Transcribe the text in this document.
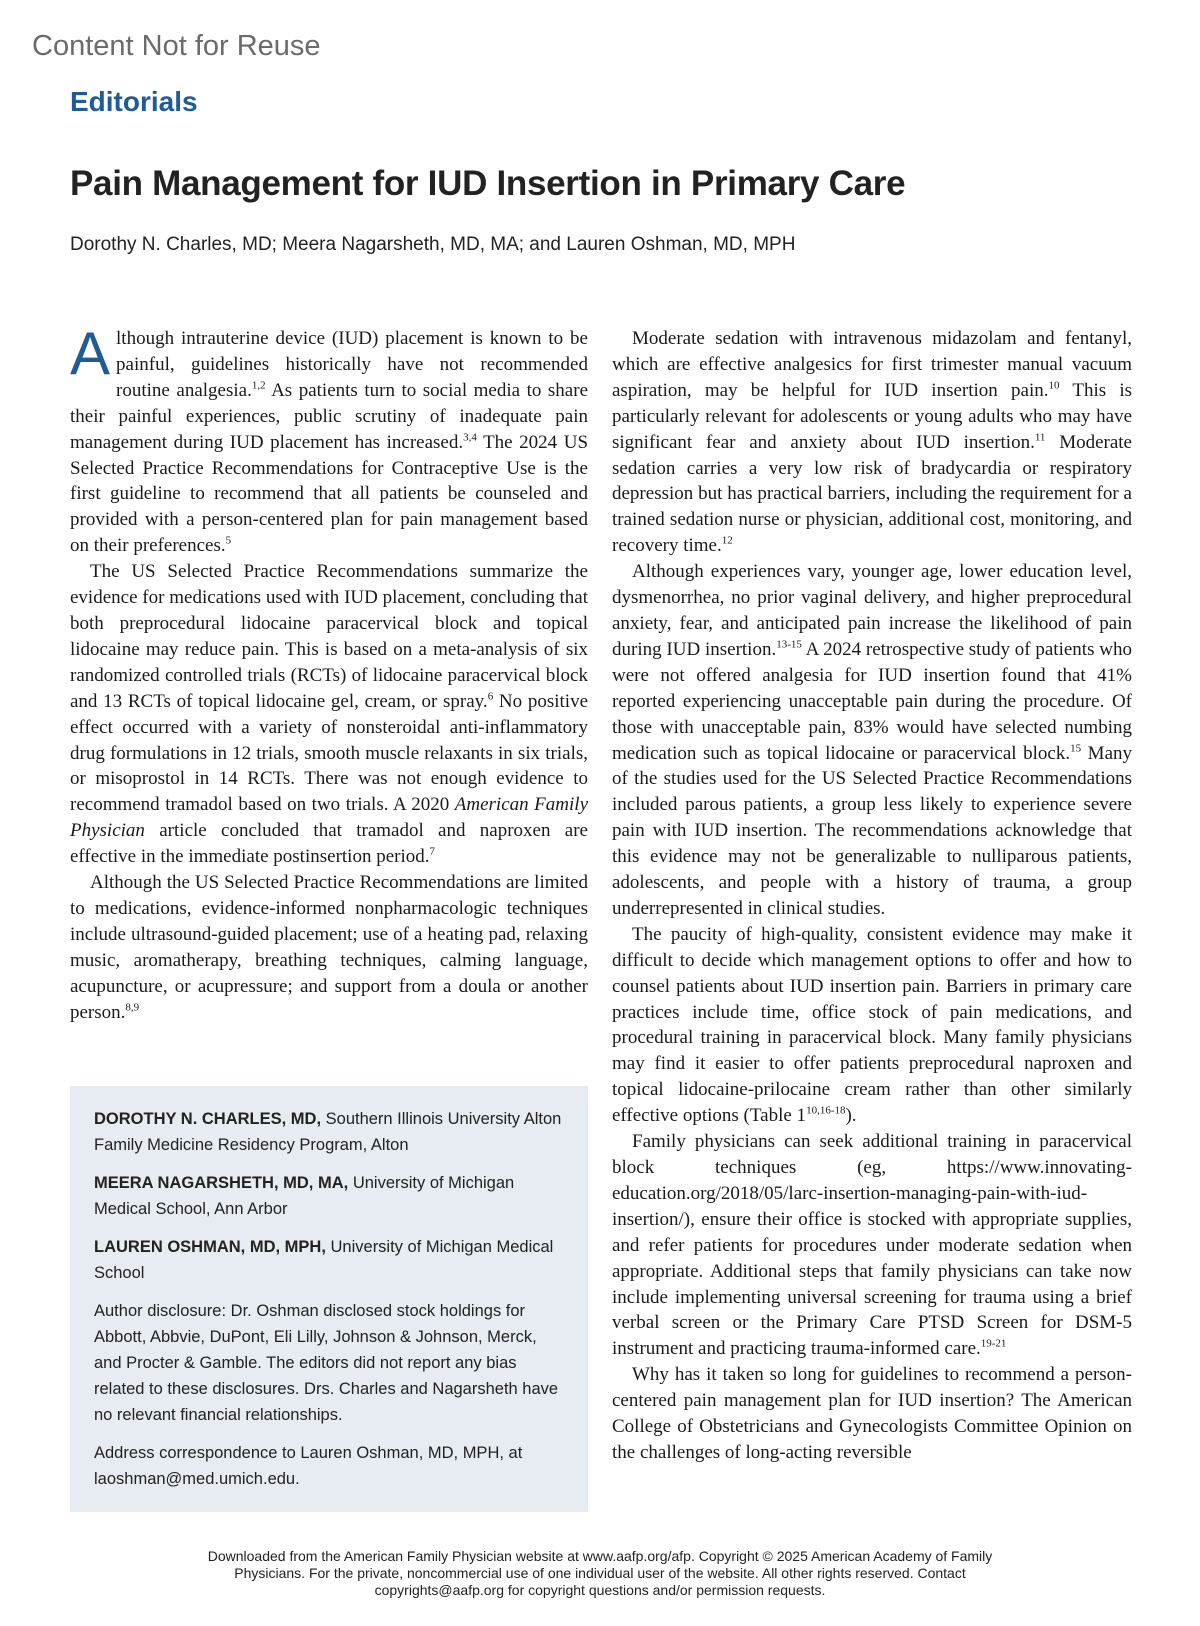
Content Not for Reuse
Editorials
Pain Management for IUD Insertion in Primary Care
Dorothy N. Charles, MD; Meera Nagarsheth, MD, MA; and Lauren Oshman, MD, MPH

Although intrauterine device (IUD) placement is known to be painful, guidelines historically have not recommended routine analgesia.$^{1,2}$ As patients turn to social media to share their painful experiences, public scrutiny of inadequate pain management during IUD placement has increased.$^{3,4}$ The 2024 US Selected Practice Recommendations for Contraceptive Use is the first guideline to recommend that all patients be counseled and provided with a person-centered plan for pain management based on their preferences.$^5$

The US Selected Practice Recommendations summarize the evidence for medications used with IUD placement, concluding that both preprocedural lidocaine paracervical block and topical lidocaine may reduce pain. This is based on a meta-analysis of six randomized controlled trials (RCTs) of lidocaine paracervical block and 13 RCTs of topical lidocaine gel, cream, or spray.$^6$ No positive effect occurred with a variety of nonsteroidal anti-inflammatory drug formulations in 12 trials, smooth muscle relaxants in six trials, or misoprostol in 14 RCTs. There was not enough evidence to recommend tramadol based on two trials. A 2020 American Family Physician article concluded that tramadol and naproxen are effective in the immediate postinsertion period.$^7$

Although the US Selected Practice Recommendations are limited to medications, evidence-informed nonpharmacologic techniques include ultrasound-guided placement; use of a heating pad, relaxing music, aromatherapy, breathing techniques, calming language, acupuncture, or acupressure; and support from a doula or another person.$^{8,9}$

DOROTHY N. CHARLES, MD, Southern Illinois University Alton Family Medicine Residency Program, Alton

MEERA NAGARSHETH, MD, MA, University of Michigan Medical School, Ann Arbor

LAUREN OSHMAN, MD, MPH, University of Michigan Medical School

Author disclosure: Dr. Oshman disclosed stock holdings for Abbott, Abbvie, DuPont, Eli Lilly, Johnson & Johnson, Merck, and Procter & Gamble. The editors did not report any bias related to these disclosures. Drs. Charles and Nagarsheth have no relevant financial relationships.

Address correspondence to Lauren Oshman, MD, MPH, at laoshman@med.umich.edu.

Moderate sedation with intravenous midazolam and fentanyl, which are effective analgesics for first trimester manual vacuum aspiration, may be helpful for IUD insertion pain.$^{10}$ This is particularly relevant for adolescents or young adults who may have significant fear and anxiety about IUD insertion.$^{11}$ Moderate sedation carries a very low risk of bradycardia or respiratory depression but has practical barriers, including the requirement for a trained sedation nurse or physician, additional cost, monitoring, and recovery time.$^{12}$

Although experiences vary, younger age, lower education level, dysmenorrhea, no prior vaginal delivery, and higher preprocedural anxiety, fear, and anticipated pain increase the likelihood of pain during IUD insertion.$^{13-15}$ A 2024 retrospective study of patients who were not offered analgesia for IUD insertion found that 41% reported experiencing unacceptable pain during the procedure. Of those with unacceptable pain, 83% would have selected numbing medication such as topical lidocaine or paracervical block.$^{15}$ Many of the studies used for the US Selected Practice Recommendations included parous patients, a group less likely to experience severe pain with IUD insertion. The recommendations acknowledge that this evidence may not be generalizable to nulliparous patients, adolescents, and people with a history of trauma, a group underrepresented in clinical studies.

The paucity of high-quality, consistent evidence may make it difficult to decide which management options to offer and how to counsel patients about IUD insertion pain. Barriers in primary care practices include time, office stock of pain medications, and procedural training in paracervical block. Many family physicians may find it easier to offer patients preprocedural naproxen and topical lidocaine-prilocaine cream rather than other similarly effective options (Table 1$^{10,16-18}$).

Family physicians can seek additional training in paracervical block techniques (eg, https://www.innovating-education.org/2018/05/larc-insertion-managing-pain-with-iud-insertion/), ensure their office is stocked with appropriate supplies, and refer patients for procedures under moderate sedation when appropriate. Additional steps that family physicians can take now include implementing universal screening for trauma using a brief verbal screen or the Primary Care PTSD Screen for DSM-5 instrument and practicing trauma-informed care.$^{19-21}$

Why has it taken so long for guidelines to recommend a person-centered pain management plan for IUD insertion? The American College of Obstetricians and Gynecologists Committee Opinion on the challenges of long-acting reversible

Downloaded from the American Family Physician website at www.aafp.org/afp. Copyright © 2025 American Academy of Family Physicians. For the private, noncommercial use of one individual user of the website. All other rights reserved. Contact copyrights@aafp.org for copyright questions and/or permission requests.
